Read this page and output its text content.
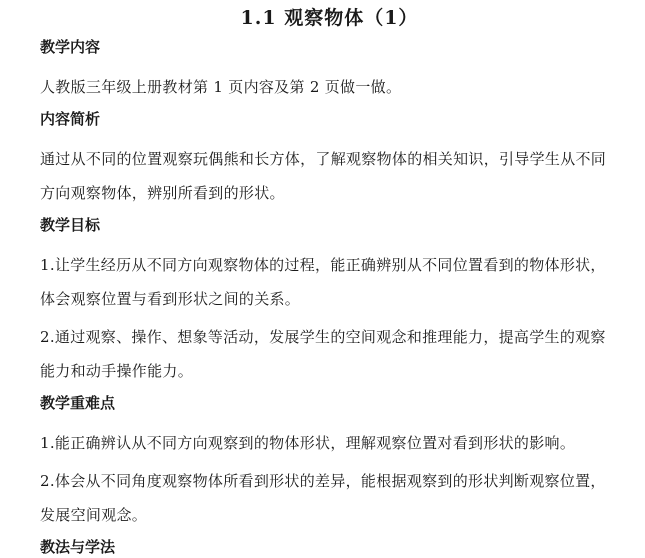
1.1 观察物体（1）
教学内容
人教版三年级上册教材第 1 页内容及第 2 页做一做。
内容简析
通过从不同的位置观察玩偶熊和长方体，了解观察物体的相关知识，引导学生从不同方向观察物体，辨别所看到的形状。
教学目标
1.让学生经历从不同方向观察物体的过程，能正确辨别从不同位置看到的物体形状，体会观察位置与看到形状之间的关系。
2.通过观察、操作、想象等活动，发展学生的空间观念和推理能力，提高学生的观察能力和动手操作能力。
教学重难点
1.能正确辨认从不同方向观察到的物体形状，理解观察位置对看到形状的影响。
2.体会从不同角度观察物体所看到形状的差异，能根据观察到的形状判断观察位置，发展空间观念。
教法与学法
